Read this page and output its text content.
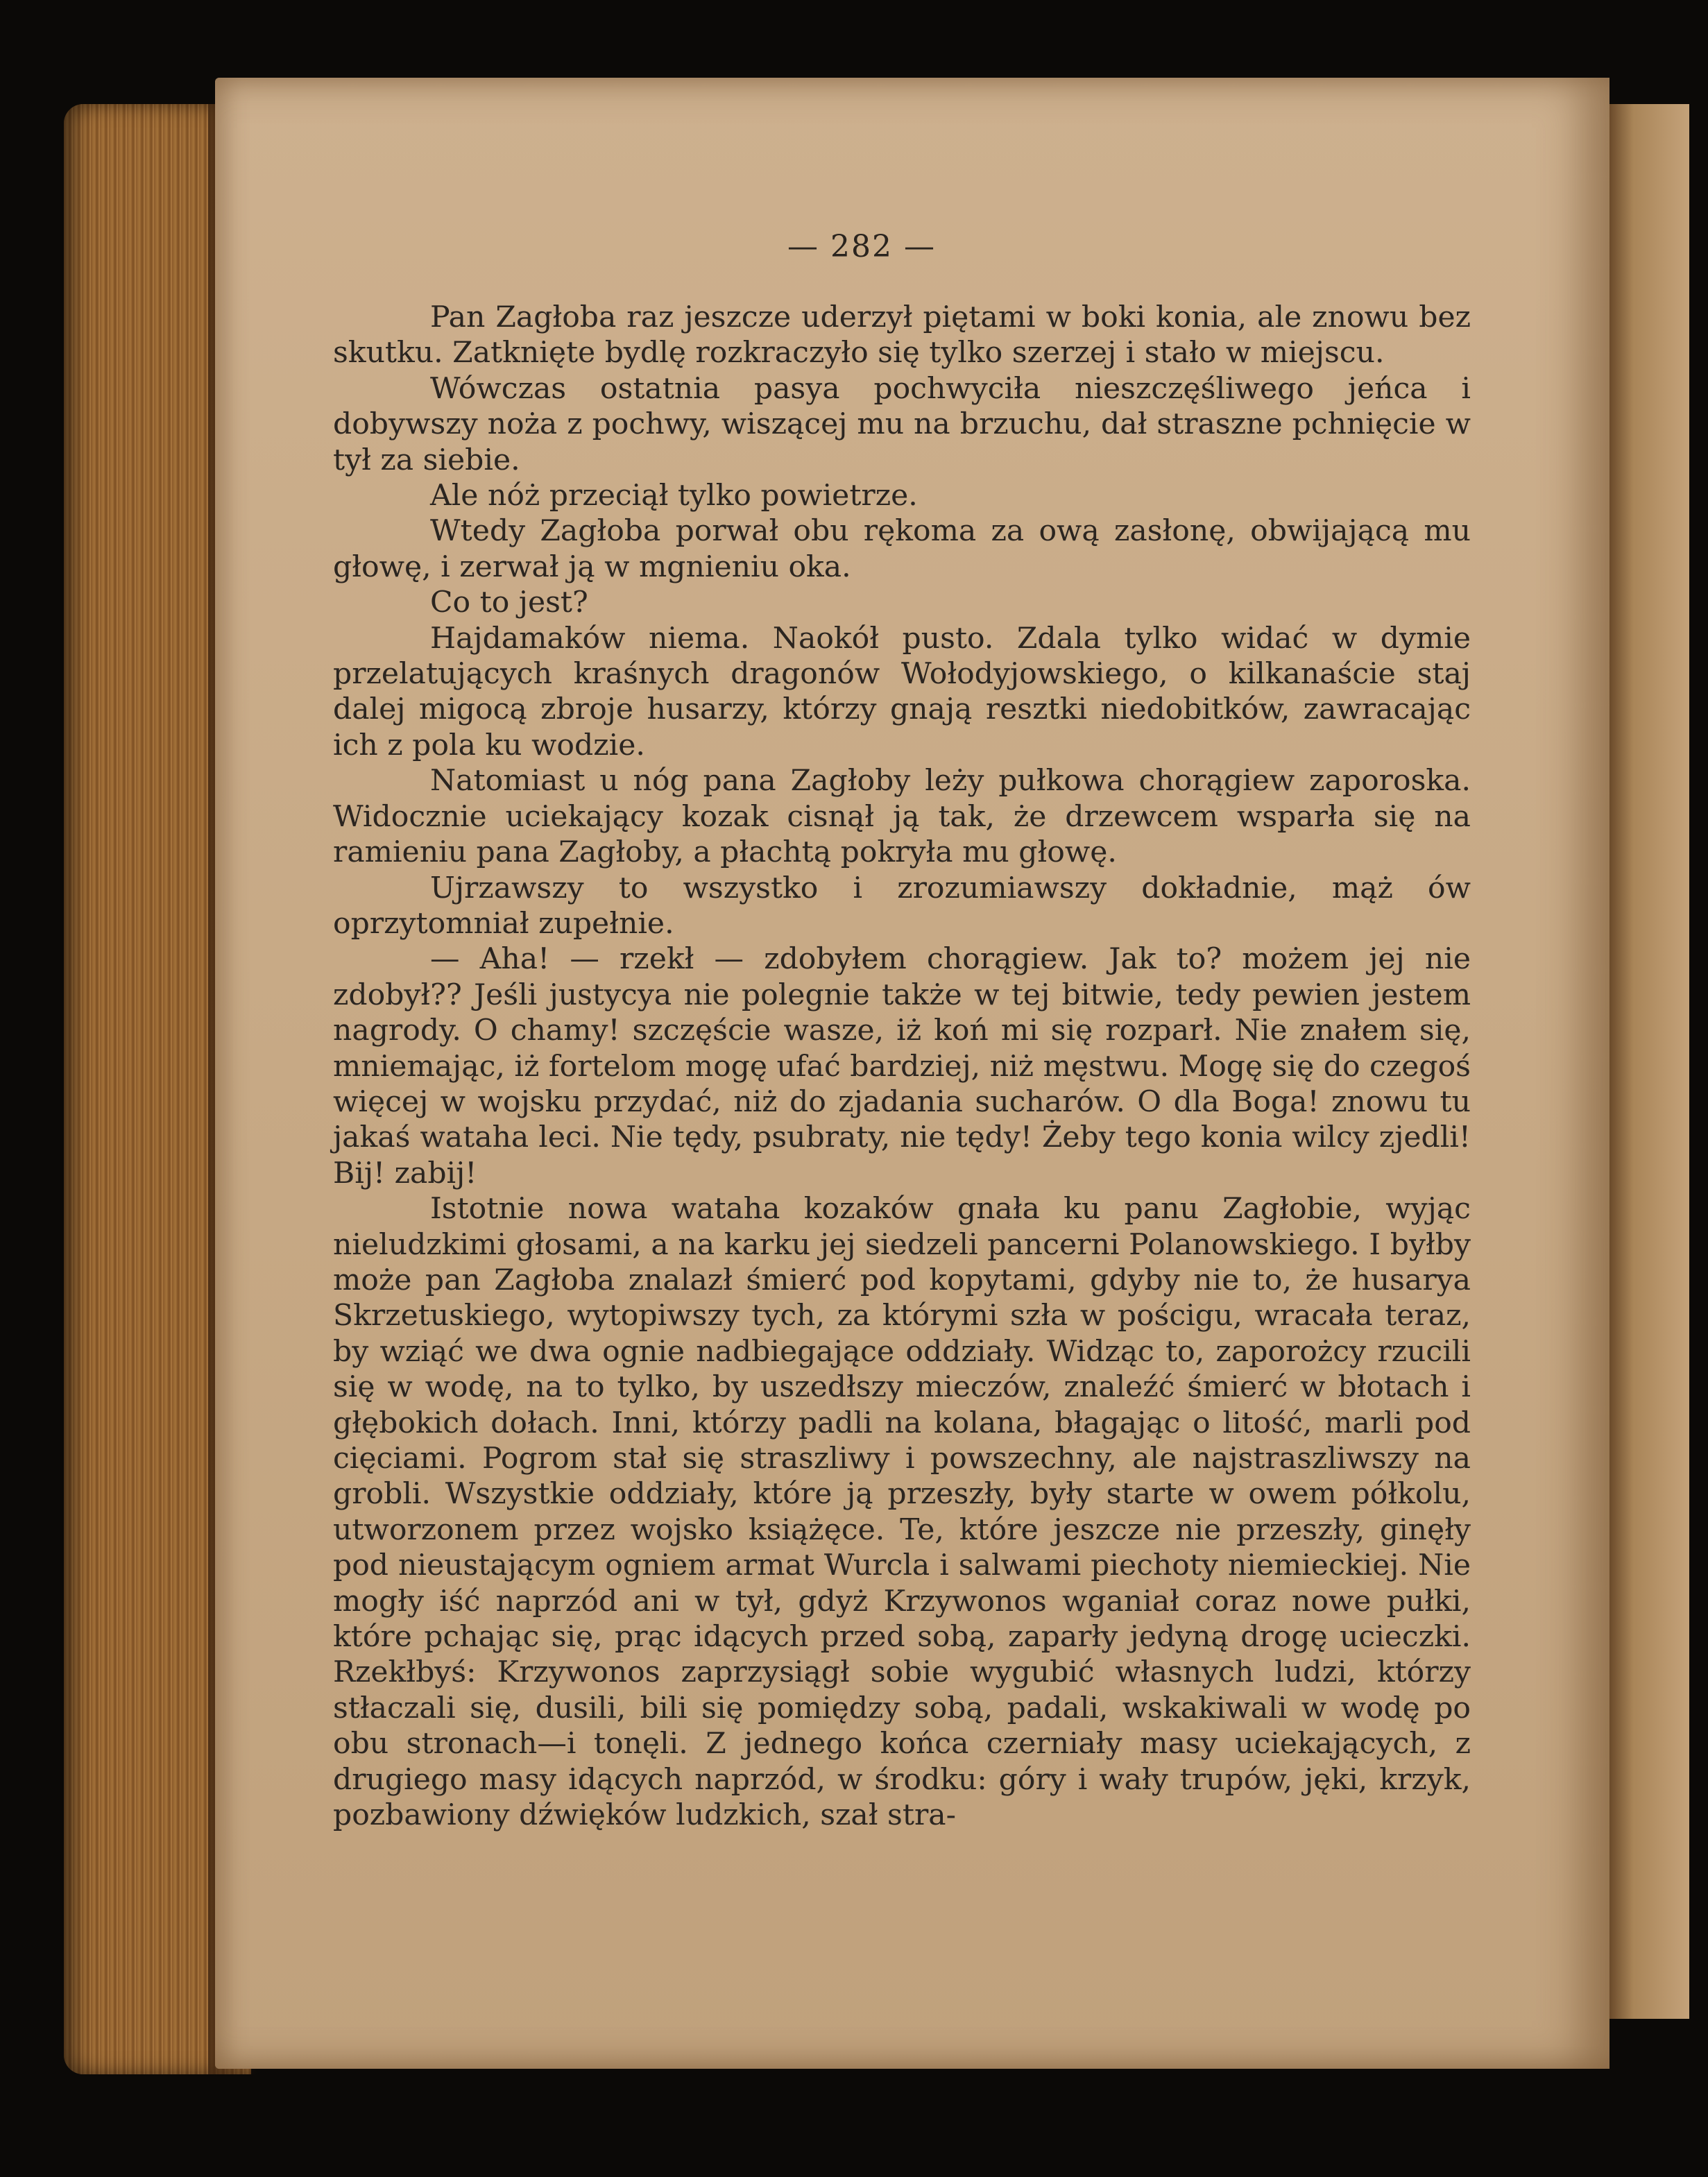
— 282 —

Pan Zagłoba raz jeszcze uderzył piętami w boki konia, ale znowu bez skutku. Zatknięte bydlę rozkraczyło się tylko szerzej i stało w miejscu.

Wówczas ostatnia pasya pochwyciła nieszczęśliwego jeńca i dobywszy noża z pochwy, wiszącej mu na brzuchu, dał straszne pchnięcie w tył za siebie.

Ale nóż przeciął tylko powietrze.

Wtedy Zagłoba porwał obu rękoma za ową zasłonę, obwijającą mu głowę, i zerwał ją w mgnieniu oka.

Co to jest?

Hajdamaków niema. Naokół pusto. Zdala tylko widać w dymie przelatujących kraśnych dragonów Wołodyjowskiego, o kilkanaście staj dalej migocą zbroje husarzy, którzy gnają resztki niedobitków, zawracając ich z pola ku wodzie.

Natomiast u nóg pana Zagłoby leży pułkowa chorągiew zaporoska. Widocznie uciekający kozak cisnął ją tak, że drzewcem wsparła się na ramieniu pana Zagłoby, a płachtą pokryła mu głowę.

Ujrzawszy to wszystko i zrozumiawszy dokładnie, mąż ów oprzytomniał zupełnie.

— Aha! — rzekł — zdobyłem chorągiew. Jak to? możem jej nie zdobył?? Jeśli justycya nie polegnie także w tej bitwie, tedy pewien jestem nagrody. O chamy! szczęście wasze, iż koń mi się rozparł. Nie znałem się, mniemając, iż fortelom mogę ufać bardziej, niż męstwu. Mogę się do czegoś więcej w wojsku przydać, niż do zjadania sucharów. O dla Boga! znowu tu jakaś wataha leci. Nie tędy, psubraty, nie tędy! Żeby tego konia wilcy zjedli! Bij! zabij!

Istotnie nowa wataha kozaków gnała ku panu Zagłobie, wyjąc nieludzkimi głosami, a na karku jej siedzeli pancerni Polanowskiego. I byłby może pan Zagłoba znalazł śmierć pod kopytami, gdyby nie to, że husarya Skrzetuskiego, wytopiwszy tych, za którymi szła w pościgu, wracała teraz, by wziąć we dwa ognie nadbiegające oddziały. Widząc to, zaporożcy rzucili się w wodę, na to tylko, by uszedłszy mieczów, znaleźć śmierć w błotach i głębokich dołach. Inni, którzy padli na kolana, błagając o litość, marli pod cięciami. Pogrom stał się straszliwy i powszechny, ale najstraszliwszy na grobli. Wszystkie oddziały, które ją przeszły, były starte w owem półkolu, utworzonem przez wojsko książęce. Te, które jeszcze nie przeszły, ginęły pod nieustającym ogniem armat Wurcla i salwami piechoty niemieckiej. Nie mogły iść naprzód ani w tył, gdyż Krzywonos wganiał coraz nowe pułki, które pchając się, prąc idących przed sobą, zaparły jedyną drogę ucieczki. Rzekłbyś: Krzywonos zaprzysiągł sobie wygubić własnych ludzi, którzy stłaczali się, dusili, bili się pomiędzy sobą, padali, wskakiwali w wodę po obu stronach—i tonęli. Z jednego końca czerniały masy uciekających, z drugiego masy idących naprzód, w środku: góry i wały trupów, jęki, krzyk, pozbawiony dźwięków ludzkich, szał stra-
